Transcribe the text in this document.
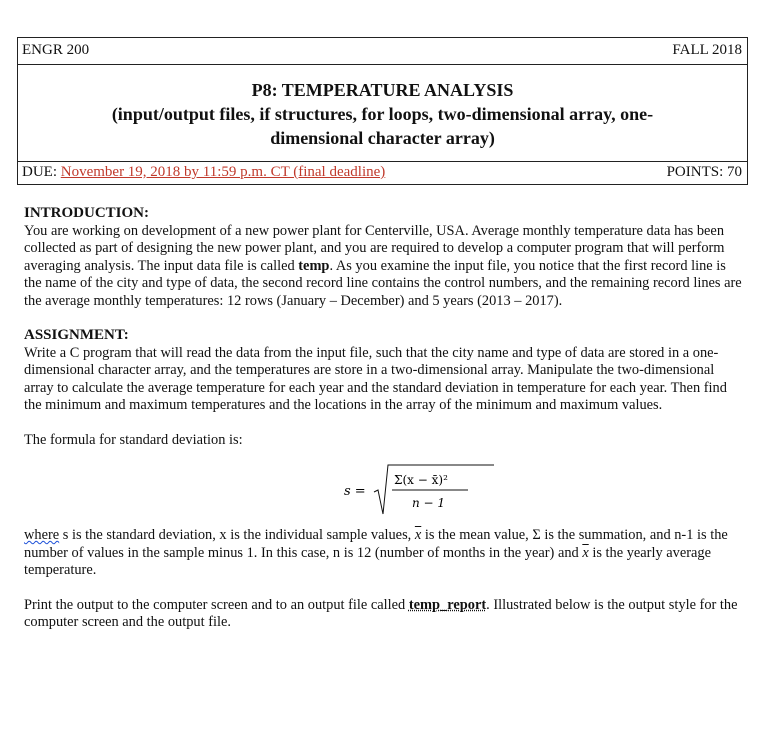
ENGR 200	FALL 2018
P8: TEMPERATURE ANALYSIS
(input/output files, if structures, for loops, two-dimensional array, one-dimensional character array)
DUE: November 19, 2018 by 11:59 p.m. CT (final deadline)	POINTS: 70
INTRODUCTION:

You are working on development of a new power plant for Centerville, USA. Average monthly temperature data has been collected as part of designing the new power plant, and you are required to develop a computer program that will perform averaging analysis. The input data file is called temp. As you examine the input file, you notice that the first record line is the name of the city and type of data, the second record line contains the control numbers, and the remaining record lines are the average monthly temperatures: 12 rows (January – December) and 5 years (2013 – 2017).

ASSIGNMENT:

Write a C program that will read the data from the input file, such that the city name and type of data are stored in a one-dimensional character array, and the temperatures are store in a two-dimensional array. Manipulate the two-dimensional array to calculate the average temperature for each year and the standard deviation in temperature for each year. Then find the minimum and maximum temperatures and the locations in the array of the minimum and maximum values.

The formula for standard deviation is:

s =
Σ(x − x̄)²
n − 1

where s is the standard deviation, x is the individual sample values, $\overline{x}$ is the mean value, Σ is the summation, and n-1 is the number of values in the sample minus 1. In this case, n is 12 (number of months in the year) and $\overline{x}$ is the yearly average temperature.

Print the output to the computer screen and to an output file called temp_report. Illustrated below is the output style for the computer screen and the output file.
